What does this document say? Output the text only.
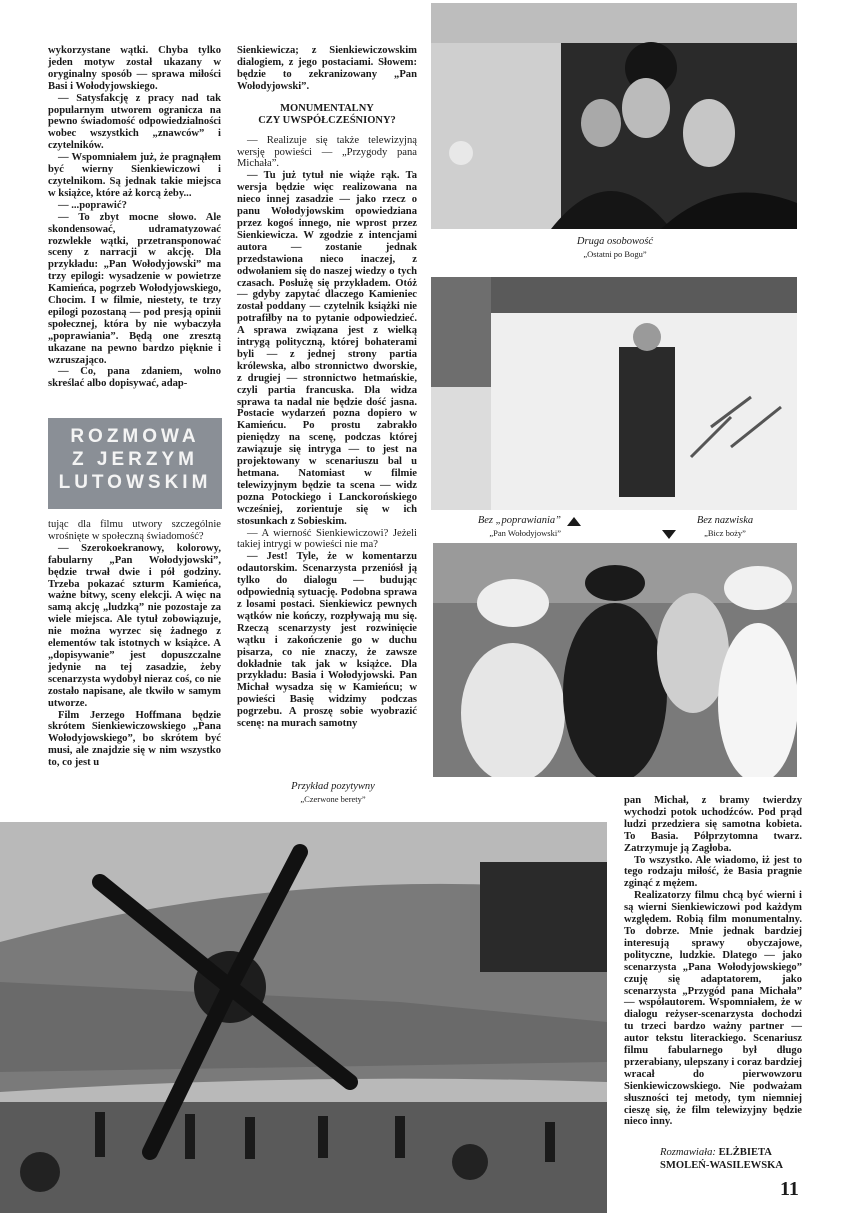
wykorzystane wątki. Chyba tylko jeden motyw został ukazany w oryginalny sposób — sprawa miłości Basi i Wołodyjowskiego.

— Satysfakcję z pracy nad tak popularnym utworem ogranicza na pewno świadomość odpowiedzialności wobec wszystkich „znawców” i czytelników.

— Wspomniałem już, że pragnąłem być wierny Sienkiewiczowi i czytelnikom. Są jednak takie miejsca w książce, które aż korcą żeby...

— ...poprawić?

— To zbyt mocne słowo. Ale skondensować, udramatyzować rozwlekłe wątki, przetransponować sceny z narracji w akcję. Dla przykładu: „Pan Wołodyjowski” ma trzy epilogi: wysadzenie w powietrze Kamieńca, pogrzeb Wołodyjowskiego, Chocim. I w filmie, niestety, te trzy epilogi pozostaną — pod presją opinii społecznej, która by nie wybaczyła „poprawiania”. Będą one zresztą ukazane na pewno bardzo pięknie i wzruszająco.

— Co, pana zdaniem, wolno skreślać albo dopisywać, adap-

ROZMOWA
Z JERZYM
LUTOWSKIM

tując dla filmu utwory szczególnie wrośnięte w społeczną świadomość?

— Szerokoekranowy, kolorowy, fabularny „Pan Wołodyjowski”, będzie trwał dwie i pół godziny. Trzeba pokazać szturm Kamieńca, ważne bitwy, sceny elekcji. A więc na samą akcję „ludzką” nie pozostaje za wiele miejsca. Ale tytuł zobowiązuje, nie można wyrzec się żadnego z elementów tak istotnych w książce. A „dopisywanie” jest dopuszczalne jedynie na tej zasadzie, żeby scenarzysta wydobył nieraz coś, co nie zostało napisane, ale tkwiło w samym utworze.

Film Jerzego Hoffmana będzie skrótem Sienkiewiczowskiego „Pana Wołodyjowskiego”, bo skrótem być musi, ale znajdzie się w nim wszystko to, co jest u

Sienkiewicza; z Sienkiewiczowskim dialogiem, z jego postaciami. Słowem: będzie to zekranizowany „Pan Wołodyjowski”.

MONUMENTALNY
CZY UWSPÓŁCZEŚNIONY?

— Realizuje się także telewizyjną wersję powieści — „Przygody pana Michała”.

— Tu już tytuł nie wiąże rąk. Ta wersja będzie więc realizowana na nieco innej zasadzie — jako rzecz o panu Wołodyjowskim opowiedziana przez kogoś innego, nie wprost przez Sienkiewicza. W zgodzie z intencjami autora — zostanie jednak przedstawiona nieco inaczej, z odwołaniem się do naszej wiedzy o tych czasach. Posłużę się przykładem. Otóż — gdyby zapytać dlaczego Kamieniec został poddany — czytelnik książki nie potrafiłby na to pytanie odpowiedzieć. A sprawa związana jest z wielką intrygą polityczną, której bohaterami byli — z jednej strony partia królewska, albo stronnictwo dworskie, z drugiej — stronnictwo hetmańskie, czyli partia francuska. Dla widza sprawa ta nadal nie będzie dość jasna. Postacie wydarzeń pozna dopiero w Kamieńcu. Po prostu zabrakło pieniędzy na scenę, podczas której zawiązuje się intryga — to jest na projektowany w scenariuszu bal u hetmana. Natomiast w filmie telewizyjnym będzie ta scena — widz pozna Potockiego i Lanckorońskiego wcześniej, zorientuje się w ich stosunkach z Sobieskim.

— A wierność Sienkiewiczowi? Jeżeli takiej intrygi w powieści nie ma?

— Jest! Tyle, że w komentarzu odautorskim. Scenarzysta przeniósł ją tylko do dialogu — budując odpowiednią sytuację. Podobna sprawa z losami postaci. Sienkiewicz pewnych wątków nie kończy, rozpływają mu się. Rzeczą scenarzysty jest rozwinięcie wątku i zakończenie go w duchu pisarza, co nie znaczy, że zawsze dokładnie tak jak w książce. Dla przykładu: Basia i Wołodyjowski. Pan Michał wysadza się w Kamieńcu; w powieści Basię widzimy podczas pogrzebu. A proszę sobie wyobrazić scenę: na murach samotny

Druga osobowość
„Ostatni po Bogu”
Bez „poprawiania”
„Pan Wołodyjowski”
Bez nazwiska
„Bicz boży”
Przykład pozytywny
„Czerwone berety”	pan Michał, z bramy twierdzy wychodzi potok uchodźców. Pod prąd ludzi przedziera się samotna kobieta. To Basia. Półprzytomna twarz. Zatrzymuje ją Zagłoba.

To wszystko. Ale wiadomo, iż jest to tego rodzaju miłość, że Basia pragnie zginąć z mężem.

Realizatorzy filmu chcą być wierni i są wierni Sienkiewiczowi pod każdym względem. Robią film monumentalny. To dobrze. Mnie jednak bardziej interesują sprawy obyczajowe, polityczne, ludzkie. Dlatego — jako scenarzysta „Pana Wołodyjowskiego” czuję się adaptatorem, jako scenarzysta „Przygód pana Michała” — współautorem. Wspomniałem, że w dialogu reżyser-scenarzysta dochodzi tu trzeci bardzo ważny partner — autor tekstu literackiego. Scenariusz filmu fabularnego był długo przerabiany, ulepszany i coraz bardziej wracał do pierwowzoru Sienkiewiczowskiego. Nie podważam słuszności tej metody, tym niemniej cieszę się, że film telewizyjny będzie nieco inny.

Rozmawiała: ELŻBIETA
SMOLEŃ-WASILEWSKA
11
